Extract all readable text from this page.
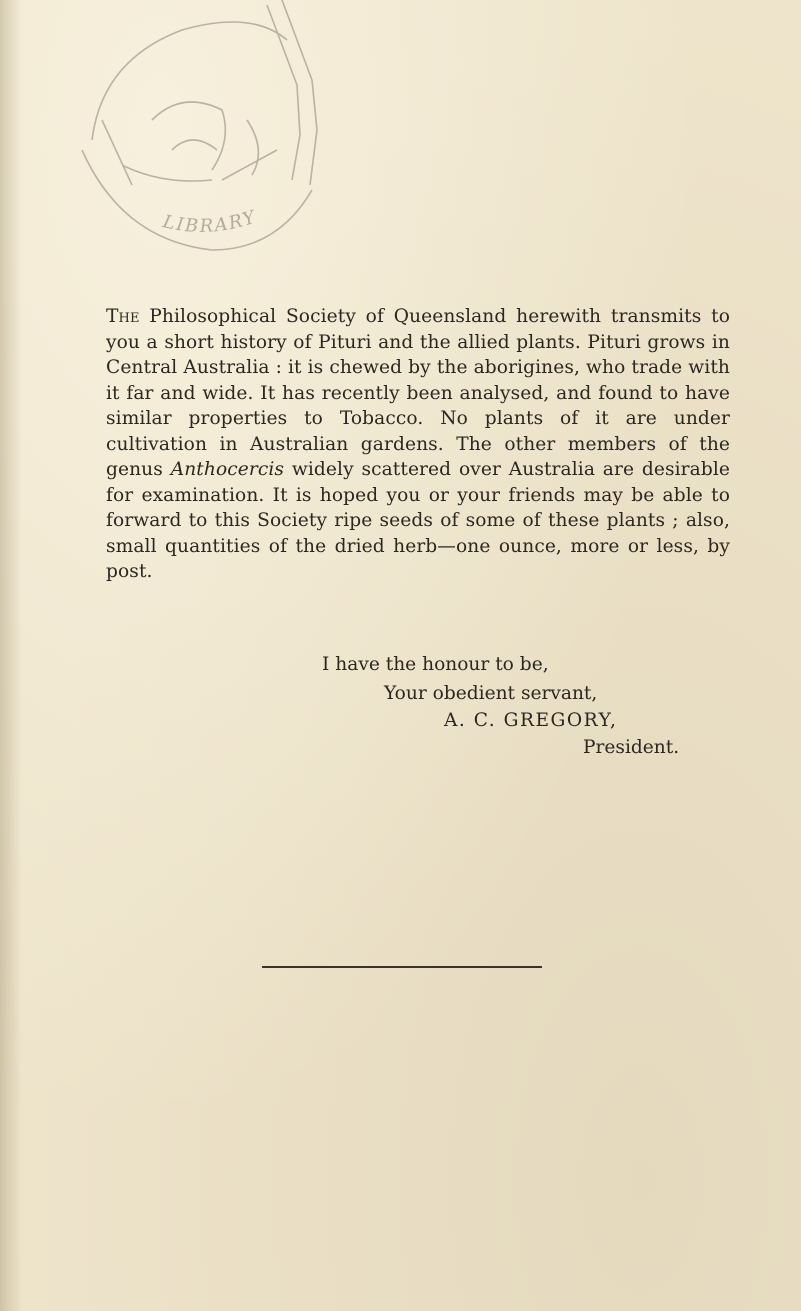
LIBRARY
The Philosophical Society of Queensland herewith transmits to you a short history of Pituri and the allied plants. Pituri grows in Central Australia : it is chewed by the aborigines, who trade with it far and wide. It has recently been analysed, and found to have similar properties to Tobacco. No plants of it are under cultivation in Australian gardens. The other members of the genus Anthocercis widely scattered over Australia are desirable for examination. It is hoped you or your friends may be able to forward to this Society ripe seeds of some of these plants ; also, small quantities of the dried herb—one ounce, more or less, by post.
I have the honour to be,
Your obedient servant,
A. C. GREGORY,
President.
